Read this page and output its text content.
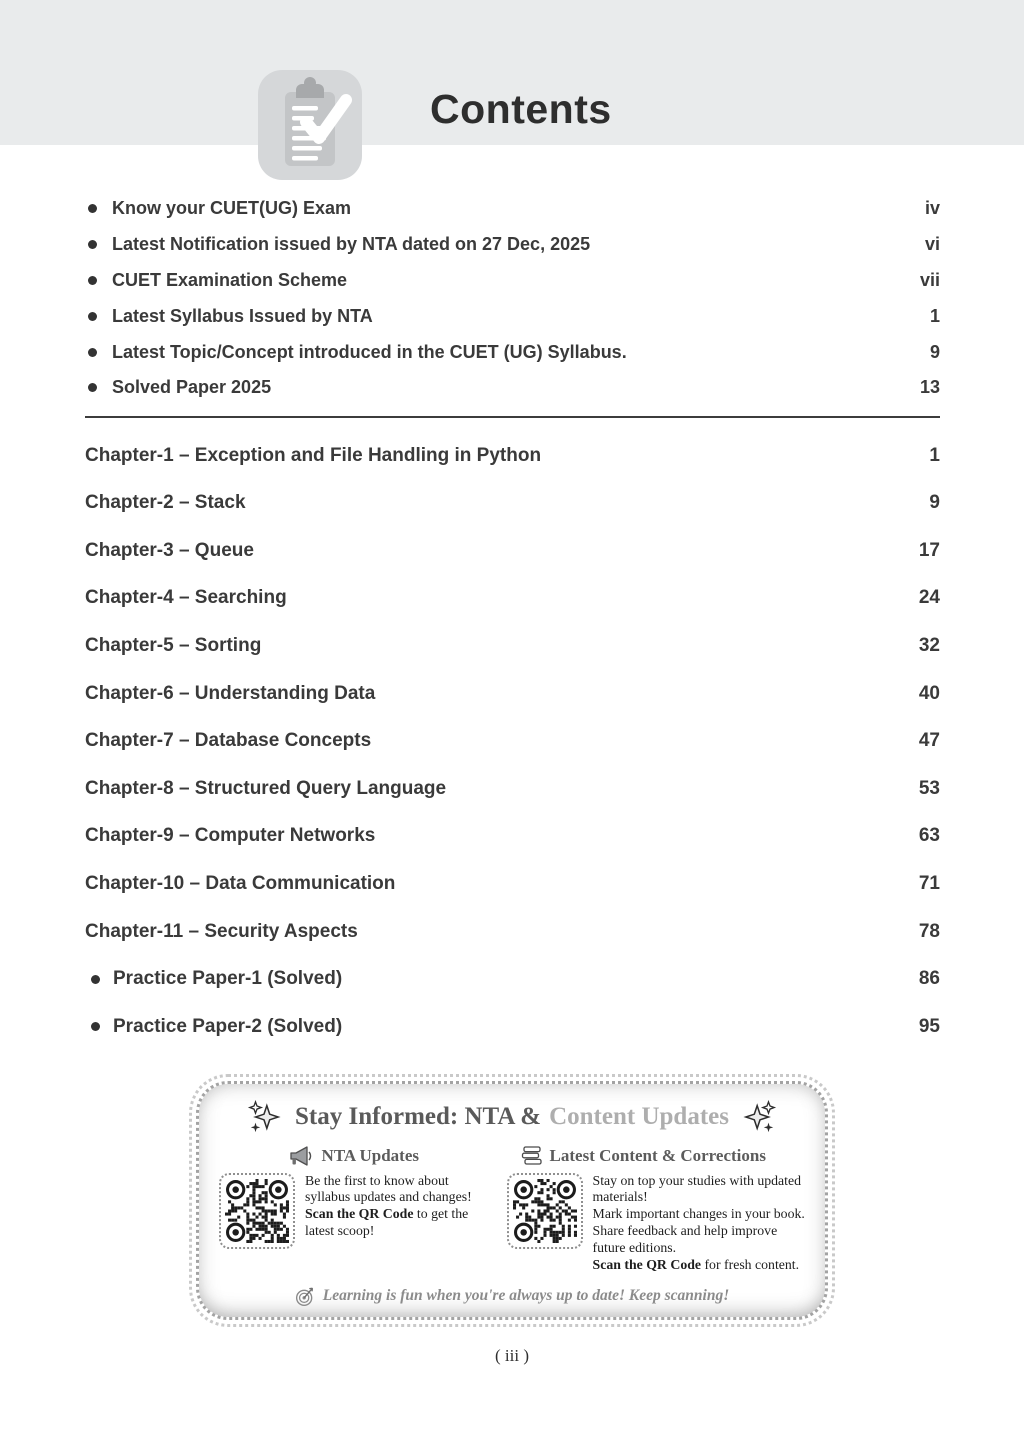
Contents
Know your CUET(UG) Exam	iv
Latest Notification issued by NTA dated on 27 Dec, 2025	vi
CUET Examination Scheme	vii
Latest Syllabus Issued by NTA	1
Latest Topic/Concept introduced in the CUET (UG) Syllabus.	9
Solved Paper 2025	13
Chapter-1 – Exception and File Handling in Python	1
Chapter-2 – Stack	9
Chapter-3 – Queue	17
Chapter-4 – Searching	24
Chapter-5 – Sorting	32
Chapter-6 – Understanding Data	40
Chapter-7 – Database Concepts	47
Chapter-8 – Structured Query Language	53
Chapter-9 – Computer Networks	63
Chapter-10 – Data Communication	71
Chapter-11 – Security Aspects	78
Practice Paper-1 (Solved)	86
Practice Paper-2 (Solved)	95
Stay Informed: NTA & Content Updates
NTA Updates
Be the first to know about syllabus updates and changes! Scan the QR Code to get the latest scoop!
Latest Content & Corrections
Stay on top your studies with updated materials!
Mark important changes in your book.
Share feedback and help improve future editions.
Scan the QR Code for fresh content.
Learning is fun when you're always up to date! Keep scanning!
( iii )
